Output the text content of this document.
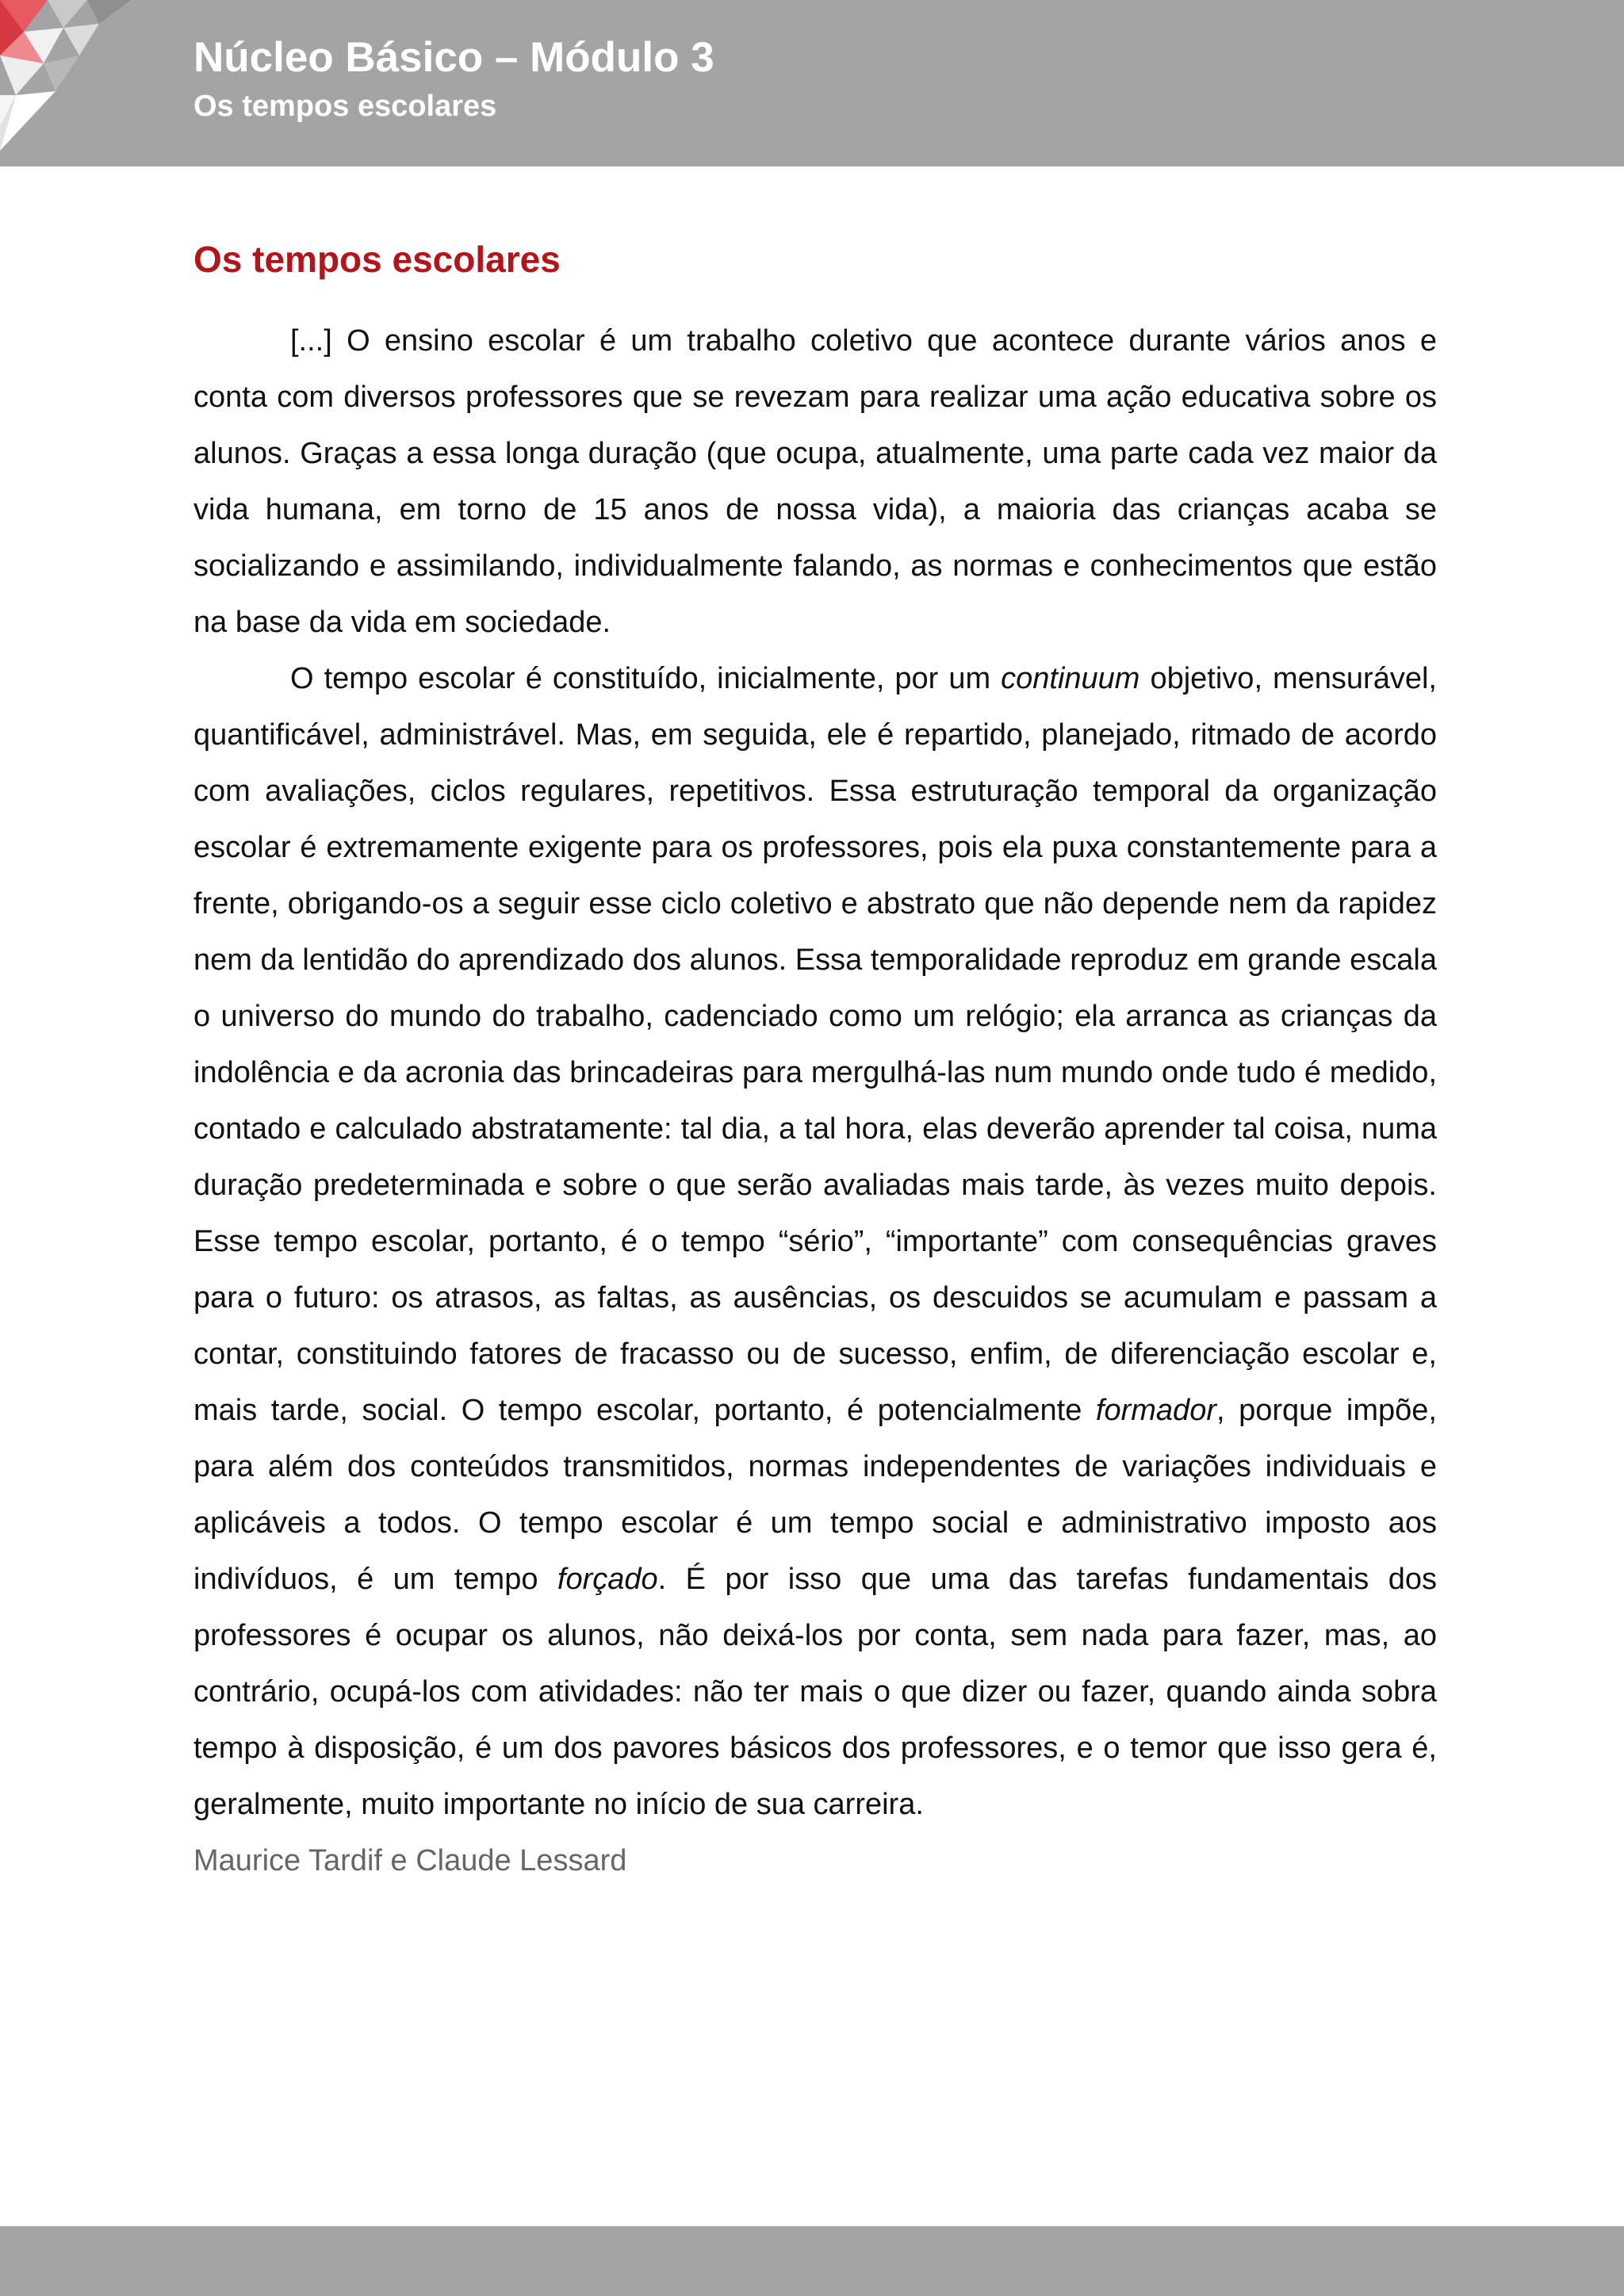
Núcleo Básico – Módulo 3
Os tempos escolares
Os tempos escolares

[...] O ensino escolar é um trabalho coletivo que acontece durante vários anos e conta com diversos professores que se revezam para realizar uma ação educativa sobre os alunos. Graças a essa longa duração (que ocupa, atualmente, uma parte cada vez maior da vida humana, em torno de 15 anos de nossa vida), a maioria das crianças acaba se socializando e assimilando, individualmente falando, as normas e conhecimentos que estão na base da vida em sociedade.

O tempo escolar é constituído, inicialmente, por um continuum objetivo, mensurável, quantificável, administrável. Mas, em seguida, ele é repartido, planejado, ritmado de acordo com avaliações, ciclos regulares, repetitivos. Essa estruturação temporal da organização escolar é extremamente exigente para os professores, pois ela puxa constantemente para a frente, obrigando-os a seguir esse ciclo coletivo e abstrato que não depende nem da rapidez nem da lentidão do aprendizado dos alunos. Essa temporalidade reproduz em grande escala o universo do mundo do trabalho, cadenciado como um relógio; ela arranca as crianças da indolência e da acronia das brincadeiras para mergulhá-las num mundo onde tudo é medido, contado e calculado abstratamente: tal dia, a tal hora, elas deverão aprender tal coisa, numa duração predeterminada e sobre o que serão avaliadas mais tarde, às vezes muito depois. Esse tempo escolar, portanto, é o tempo “sério”, “importante” com consequências graves para o futuro: os atrasos, as faltas, as ausências, os descuidos se acumulam e passam a contar, constituindo fatores de fracasso ou de sucesso, enfim, de diferenciação escolar e, mais tarde, social. O tempo escolar, portanto, é potencialmente formador, porque impõe, para além dos conteúdos transmitidos, normas independentes de variações individuais e aplicáveis a todos. O tempo escolar é um tempo social e administrativo imposto aos indivíduos, é um tempo forçado. É por isso que uma das tarefas fundamentais dos professores é ocupar os alunos, não deixá-los por conta, sem nada para fazer, mas, ao contrário, ocupá-los com atividades: não ter mais o que dizer ou fazer, quando ainda sobra tempo à disposição, é um dos pavores básicos dos professores, e o temor que isso gera é, geralmente, muito importante no início de sua carreira.

Maurice Tardif e Claude Lessard
